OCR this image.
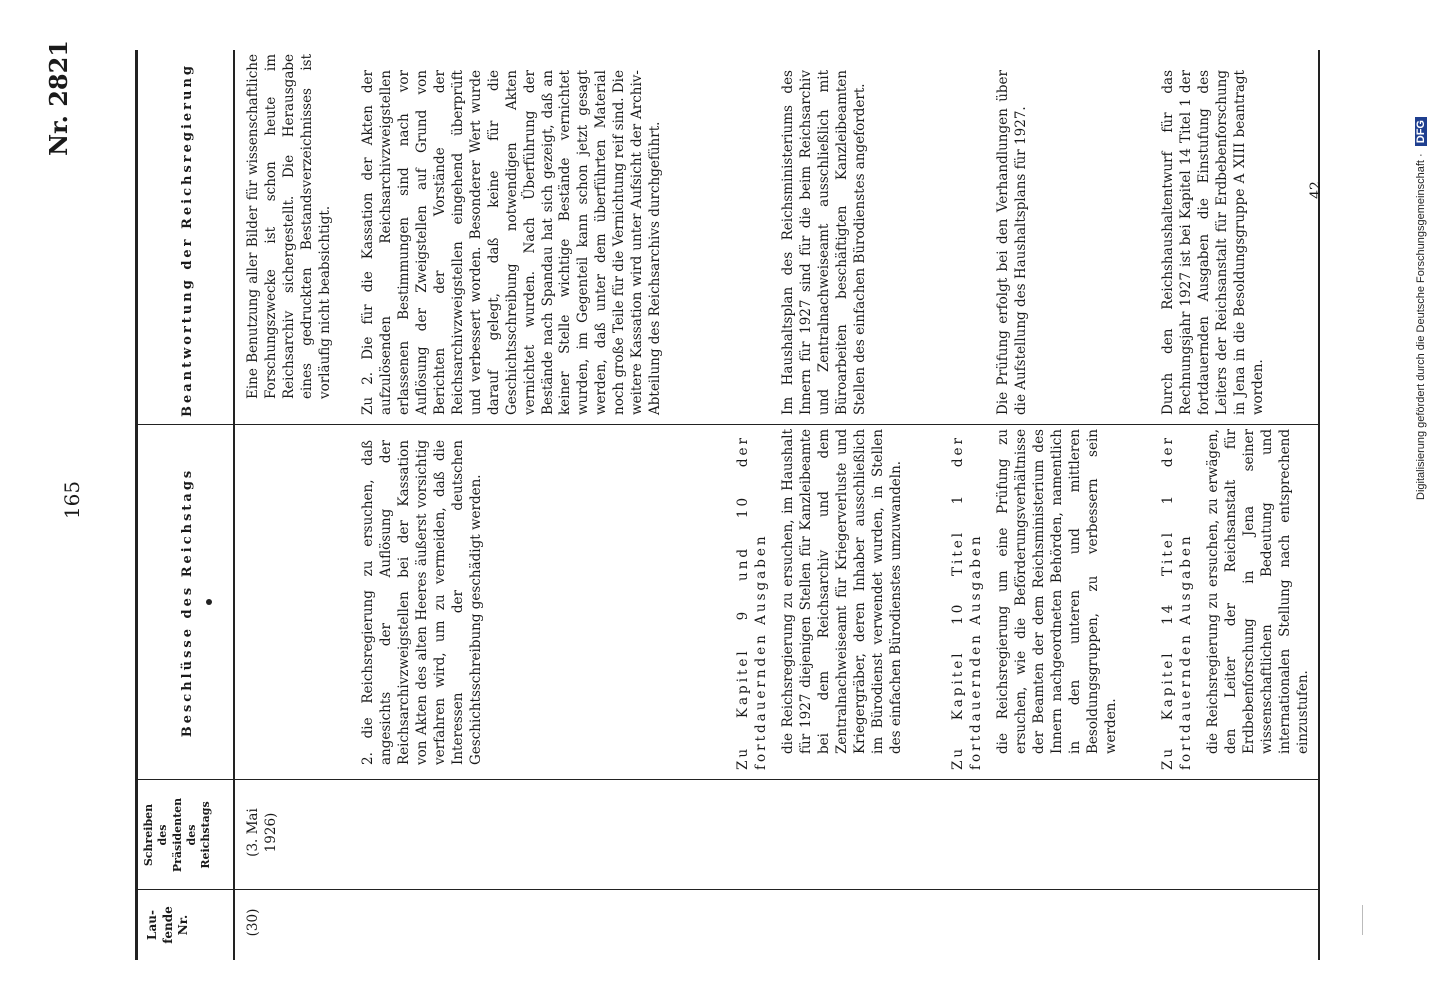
165
Nr. 2821
Lau-
fende
Nr.
Schreiben
des
Präsidenten
des
Reichstags
Beschlüsse des Reichstags
Beantwortung der Reichsregierung
(30)
(3. Mai
1926)
Eine Benutzung aller Bilder für wissenschaftliche Forschungszwecke ist schon heute im Reichsarchiv sichergestellt. Die Herausgabe eines gedruckten Bestandsverzeichnisses ist vorläufig nicht beabsichtigt.
2. die Reichsregierung zu ersuchen, daß angesichts der Auflösung der Reichsarchivzweigstellen bei der Kassation von Akten des alten Heeres äußerst vorsichtig verfahren wird, um zu vermeiden, daß die Interessen der deutschen Geschichtsschreibung geschädigt werden.
Zu 2. Die für die Kassation der Akten der aufzulösenden Reichsarchivzweigstellen erlassenen Bestimmungen sind nach vor Auflösung der Zweigstellen auf Grund von Berichten der Vorstände der Reichsarchivzweigstellen eingehend überprüft und verbessert worden. Besonderer Wert wurde darauf gelegt, daß keine für die Geschichtsschreibung notwendigen Akten vernichtet wurden. Nach Überführung der Bestände nach Spandau hat sich gezeigt, daß an keiner Stelle wichtige Bestände vernichtet wurden, im Gegenteil kann schon jetzt gesagt werden, daß unter dem überführten Material noch große Teile für die Vernichtung reif sind. Die weitere Kassation wird unter Aufsicht der Archiv-Abteilung des Reichsarchivs durchgeführt.
Zu Kapitel 9 und 10 der fortdauernden Ausgaben die Reichsregierung zu ersuchen, im Haushalt für 1927 diejenigen Stellen für Kanzleibeamte bei dem Reichsarchiv und dem Zentralnachweiseamt für Kriegerverluste und Kriegergräber, deren Inhaber ausschließlich im Bürodienst verwendet wurden, in Stellen des einfachen Bürodienstes umzuwandeln.
Im Haushaltsplan des Reichsministeriums des Innern für 1927 sind für die beim Reichsarchiv und Zentralnachweiseamt ausschließlich mit Büroarbeiten beschäftigten Kanzleibeamten Stellen des einfachen Bürodienstes angefordert.
Zu Kapitel 10 Titel 1 der fortdauernden Ausgaben die Reichsregierung um eine Prüfung zu ersuchen, wie die Beförderungsverhältnisse der Beamten der dem Reichsministerium des Innern nachgeordneten Behörden, namentlich in den unteren und mittleren Besoldungsgruppen, zu verbessern sein werden.
Die Prüfung erfolgt bei den Verhandlungen über die Aufstellung des Haushaltsplans für 1927.
Zu Kapitel 14 Titel 1 der fortdauernden Ausgaben die Reichsregierung zu ersuchen, zu erwägen, den Leiter der Reichsanstalt für Erdbebenforschung in Jena seiner wissenschaftlichen Bedeutung und internationalen Stellung nach entsprechend einzustufen.
Durch den Reichshaushaltentwurf für das Rechnungsjahr 1927 ist bei Kapitel 14 Titel 1 der fortdauernden Ausgaben die Einstufung des Leiters der Reichsanstalt für Erdbebenforschung in Jena in die Besoldungsgruppe A XIII beantragt worden.
42	Digitalisierung gefördert durch die Deutsche Forschungsgemeinschaft · DFG
